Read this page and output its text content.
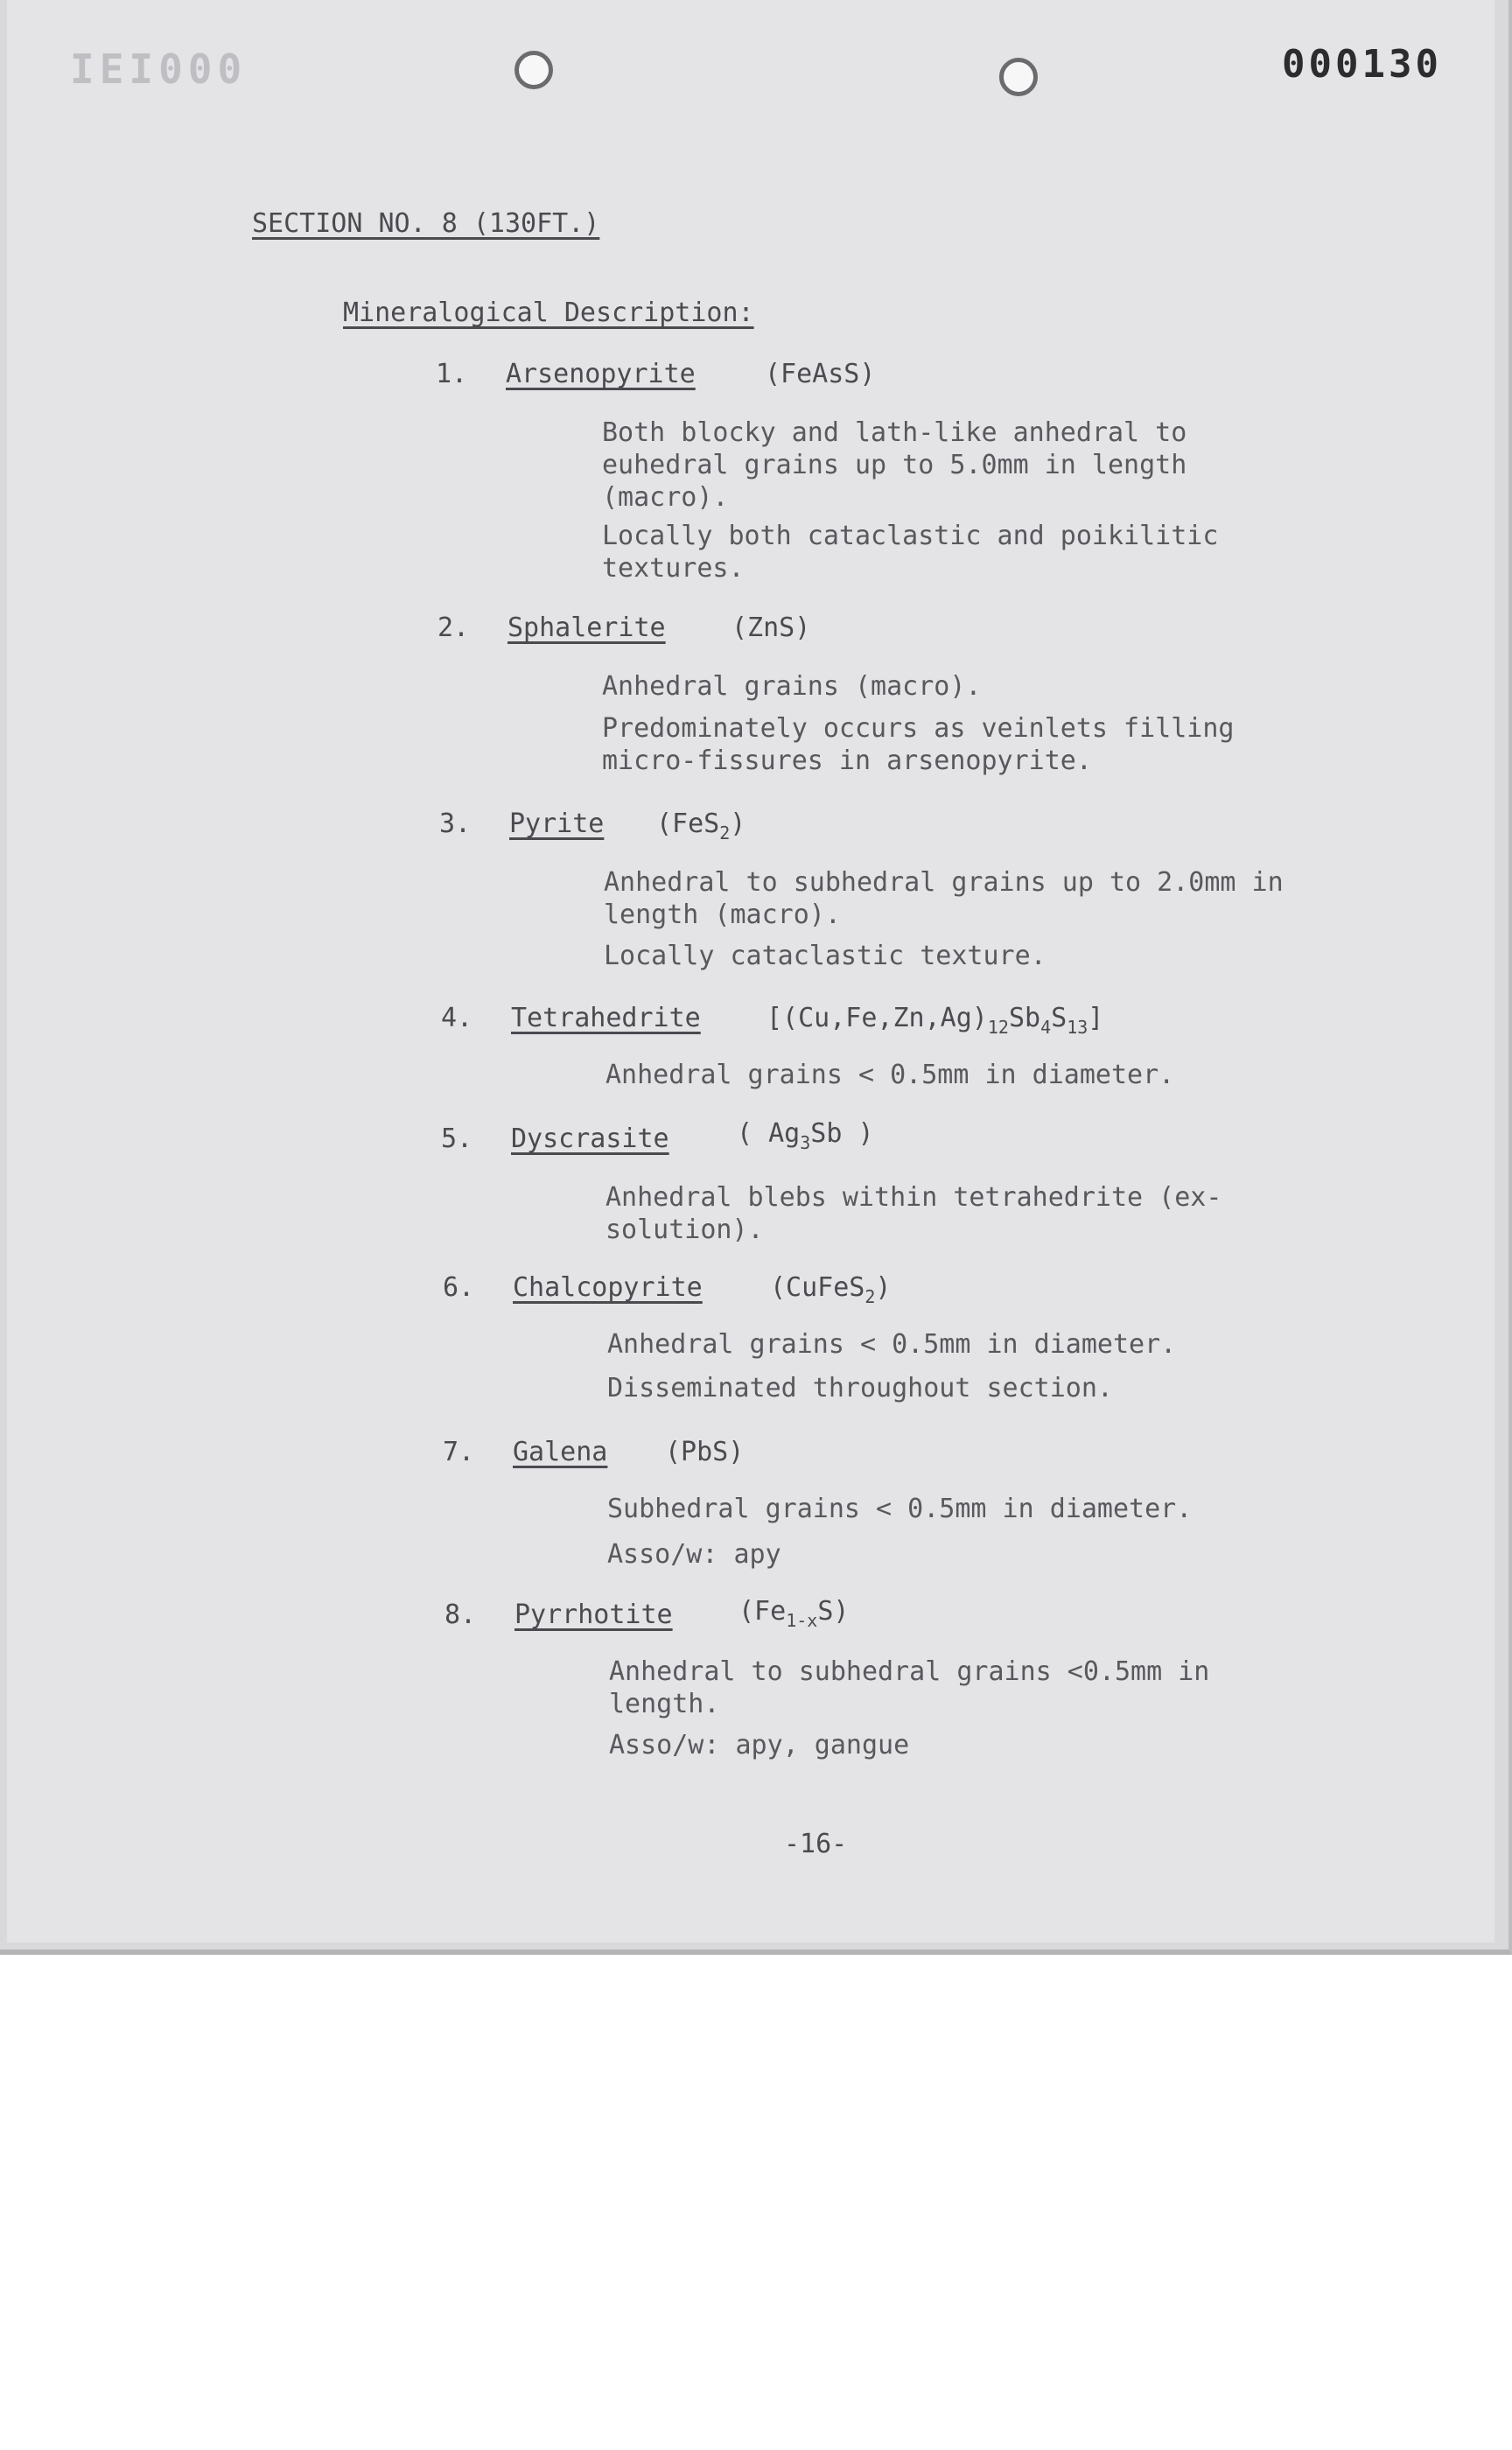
IEI000	000130
SECTION NO. 8 (130FT.)
Mineralogical Description:
1. Arsenopyrite	(FeAsS)
Both blocky and lath-like anhedral to euhedral grains up to 5.0mm in length (macro).
Locally both cataclastic and poikilitic textures.
2. Sphalerite	(ZnS)
Anhedral grains (macro).
Predominately occurs as veinlets filling micro-fissures in arsenopyrite.
3. Pyrite (FeS$_2$)
Anhedral to subhedral grains up to 2.0mm in length (macro).
Locally cataclastic texture.
4. Tetrahedrite	$[(Cu,Fe,Zn,Ag)_{12}Sb_4S_{13}]$
Anhedral grains < 0.5mm in diameter.
5. Dyscrasite	( $Ag_3Sb$ )
Anhedral blebs within tetrahedrite (ex-solution).
6. Chalcopyrite	(CuFeS$_2$)
Anhedral grains < 0.5mm in diameter.
Disseminated throughout section.
7. Galena (PbS)
Subhedral grains < 0.5mm in diameter.
Asso/w: apy
8. Pyrrhotite	$(Fe_{1-x}S)$
Anhedral to subhedral grains <0.5mm in length.
Asso/w: apy, gangue
-16-
